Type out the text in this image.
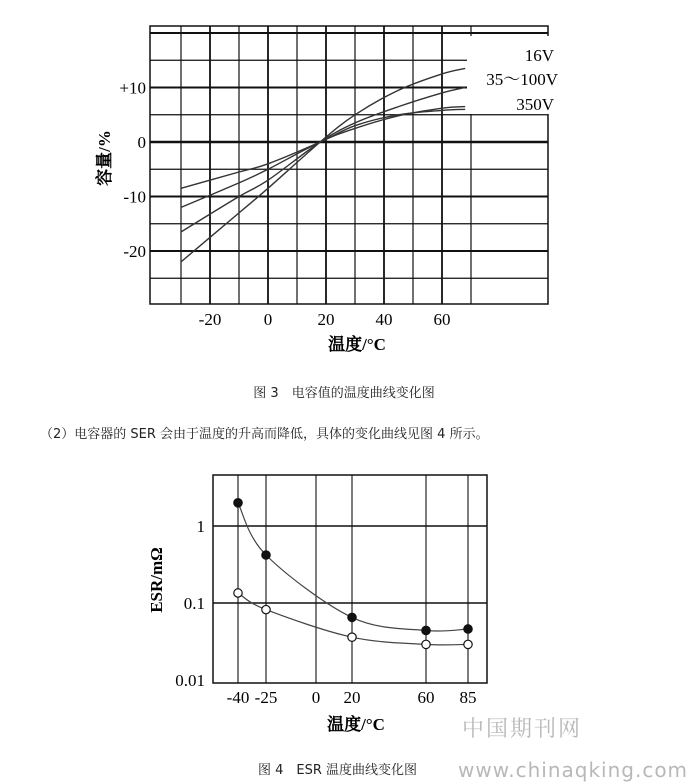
16V
35～100V
350V
+10
0
-10
-20
-20 0	20 40 60
温度/°C
容量/%
图 3　电容值的温度曲线变化图
（2）电容器的 SER 会由于温度的升高而降低，具体的变化曲线见图 4 所示。
1
0.1
0.01
-40 -25 0 20	60 85
温度/°C
ESR/mΩ
图 4　ESR 温度曲线变化图
中国期刊网
www.chinaqking.com
